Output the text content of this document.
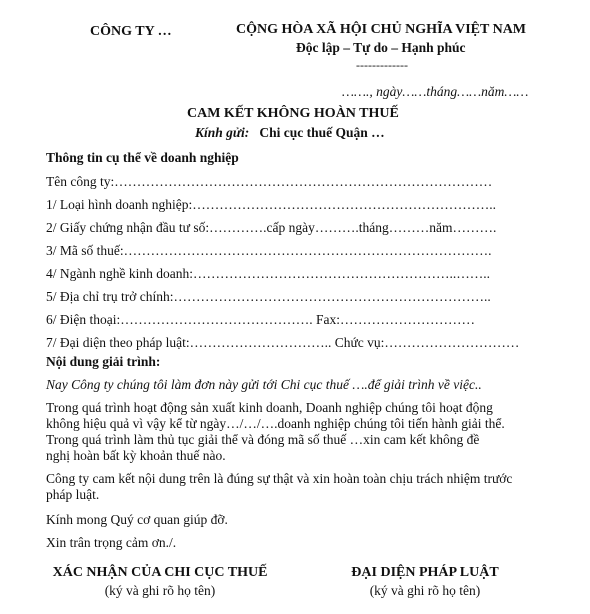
CÔNG TY …	CỘNG HÒA XÃ HỘI CHỦ NGHĨA VIỆT NAM
Độc lập – Tự do – Hạnh phúc
-------------
……., ngày……tháng……năm……
CAM KẾT KHÔNG HOÀN THUẾ
Kính gửi: Chi cục thuế Quận …
Thông tin cụ thể về doanh nghiệp
Tên công ty:…………………………………………………………………………
1/ Loại hình doanh nghiệp:…………………………………………………………..
2/ Giấy chứng nhận đầu tư số:………….cấp ngày……….tháng………năm……….
3/ Mã số thuế:……………………………………………………………………….
4/ Ngành nghề kinh doanh:…………………………………………………..……..
5/ Địa chỉ trụ trở chính:……………………………………………………………..
6/ Điện thoại:……………………………………. Fax:…………………………
7/ Đại diện theo pháp luật:………………………….. Chức vụ:…………………………
Nội dung giải trình:
Nay Công ty chúng tôi làm đơn này gửi tới Chi cục thuế ….để giải trình về việc..
Trong quá trình hoạt động sản xuất kinh doanh, Doanh nghiệp chúng tôi hoạt động
không hiệu quả vì vậy kể từ ngày…/…/….doanh nghiệp chúng tôi tiến hành giải thể.
Trong quá trình làm thủ tục giải thể và đóng mã số thuế …xin cam kết không đề
nghị hoàn bất kỳ khoản thuế nào.
Công ty cam kết nội dung trên là đúng sự thật và xin hoàn toàn chịu trách nhiệm trước
pháp luật.
Kính mong Quý cơ quan giúp đỡ.
Xin trân trọng cảm ơn./.
XÁC NHẬN CỦA CHI CỤC THUẾ
(ký và ghi rõ họ tên)
ĐẠI DIỆN PHÁP LUẬT
(ký và ghi rõ họ tên)
